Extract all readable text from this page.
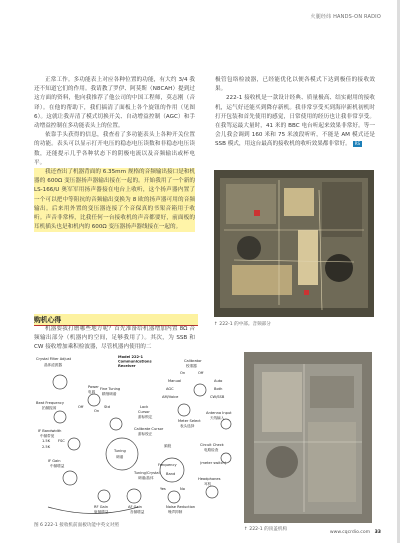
火腿经纬 HANDS-ON RADIO

正常工作。多功能表上对应各种位置的功能，有大约 3/4 我还不知道它们的作用。我请教了罗伊、阿莫斯（N8CAH）提到过这方面的资料，他向我推荐了他公司的中国工程师，莫志刚（音译）。在他的帮助下，我们搞清了面板上各个旋钮的作用（见图 6）。这就让我弄清了模式切换开关、自动增益控制（AGC）和手动增益控制在多功能表头上的位置。

依靠手头获得的信息，我查看了多功能表头上各种开关位置的功能。表头可以显示打开电压的稳态电压读数和非稳态电压读数，还能提示几乎各种状态下的阴极电流以及音频输出或杯电平。

我还查出了机器背面的 6.35mm 规格的音频输出接口是和机器的 600Ω 变压器扬声器输出接在一起的。开始我用了一个新的 LS-166/U 奥军军用扬声器接在电台上收听，这个扬声器内置了一个可以把中等阻抗的音频输出变换为 8 欧的扬声器可用的音频输出。后来用外置的变压器连接了个音保真的书架音箱用于收听。声音非常棒，比我任何一台接收机的声音都要好，前面板的耳机插头也是和机内的 600Ω 变压器扬声器线接在一起的。

购机心得

机器要我打磨哪些地方呢？首先准备给机器增加内置 8Ω 音频输出部分（机器内的空间，足够我用了）。其次，为 SSB 和 CW 接收增加乘积检波器，尽管机器内使用的二

极管包络检波器，已经能优化以便各模式下达到极佳的接收效果。

222-1 接收机是一款设计经典、质量极高、结实耐用的接收机，运气好还能买到降存新机。我非常享受买到海岸新机初机时打开包装和首先使用的感觉，日常使用的经历也让我非常享受。在我驾运最大量时，41 米的 BBC 电台听起来效果非常好。等一会儿我会调到 160 米和 75 米波段听听，不能是 AM 模式还是 SSB 模式，用这台最高的接收机的收听效果都非常好。 RS

↑ 222-1 的中部。音频部分
Crystal Filter Adjust
晶体滤波器
Power
电源
Off	Std
On
Beat Frequency
拍频振荡
IF Bandwidth
中频带宽
1.5K FSC
2.5K
IF Gain
中频增益
Calibrator
校准器
On	Off
Manual	Auto
AGC	Both
AM/Voice	CW/SSB
Tuning
调谐
Lock
Cursor
游标锁定
Calibrate Cursor
游标校正
Tuning/Crystal
调谐/晶体
Frequency
频段
Band
Meter Select
表头选择
Antenna Input
天线输入
Fine Tuning
精细调谐
Circuit Check
电路检查
(meter switch)
Headphones
耳机
Yes	No
AF Gain
音频增益
Noise Reduction
噪声抑制
RF Gain
射频增益
Model 222-1 Communications Receiver
图 6 222-1 接收机前面板功能中英文对照
↑ 222-1 的顶盖机构
www.cqcrdio.com 33
